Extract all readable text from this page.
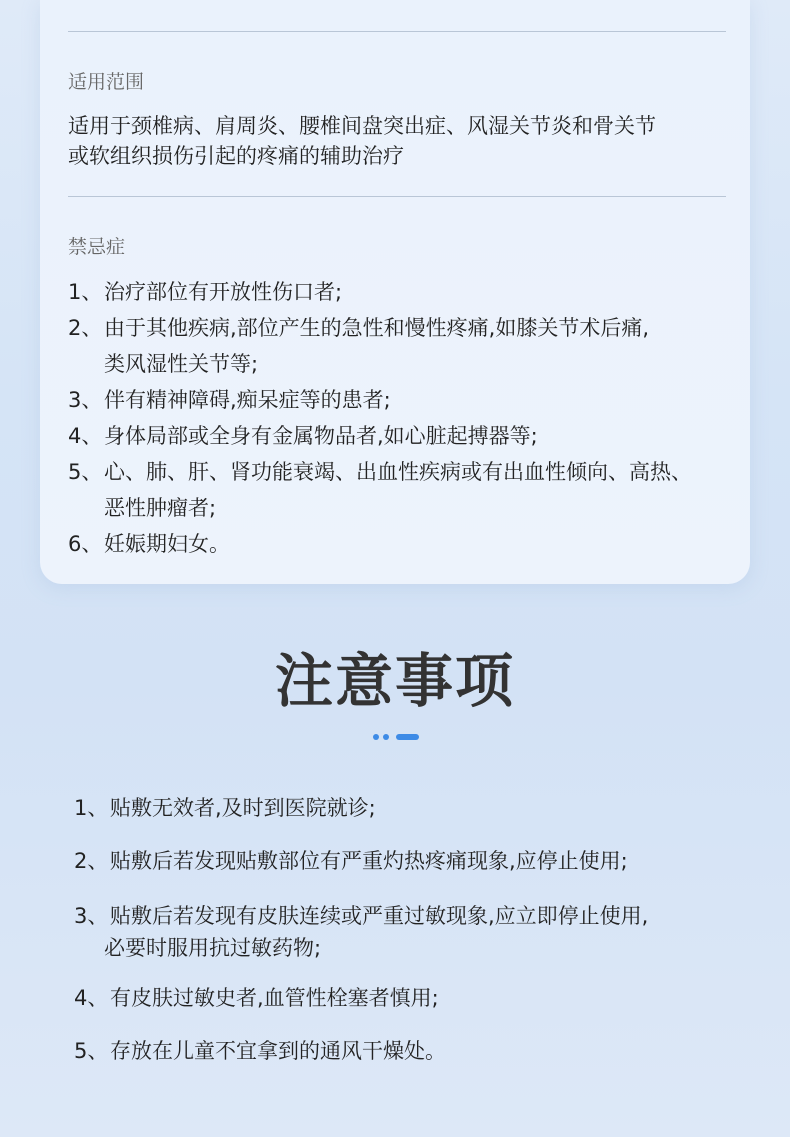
适用范围
适用于颈椎病、肩周炎、腰椎间盘突出症、风湿关节炎和骨关节
或软组织损伤引起的疼痛的辅助治疗
禁忌症
1、治疗部位有开放性伤口者;
2、由于其他疾病,部位产生的急性和慢性疼痛,如膝关节术后痛,
类风湿性关节等;
3、伴有精神障碍,痴呆症等的患者;
4、身体局部或全身有金属物品者,如心脏起搏器等;
5、心、肺、肝、肾功能衰竭、出血性疾病或有出血性倾向、高热、
恶性肿瘤者;
6、妊娠期妇女。
注意事项
1、贴敷无效者,及时到医院就诊;
2、贴敷后若发现贴敷部位有严重灼热疼痛现象,应停止使用;
3、贴敷后若发现有皮肤连续或严重过敏现象,应立即停止使用,
必要时服用抗过敏药物;
4、有皮肤过敏史者,血管性栓塞者慎用;
5、存放在儿童不宜拿到的通风干燥处。
